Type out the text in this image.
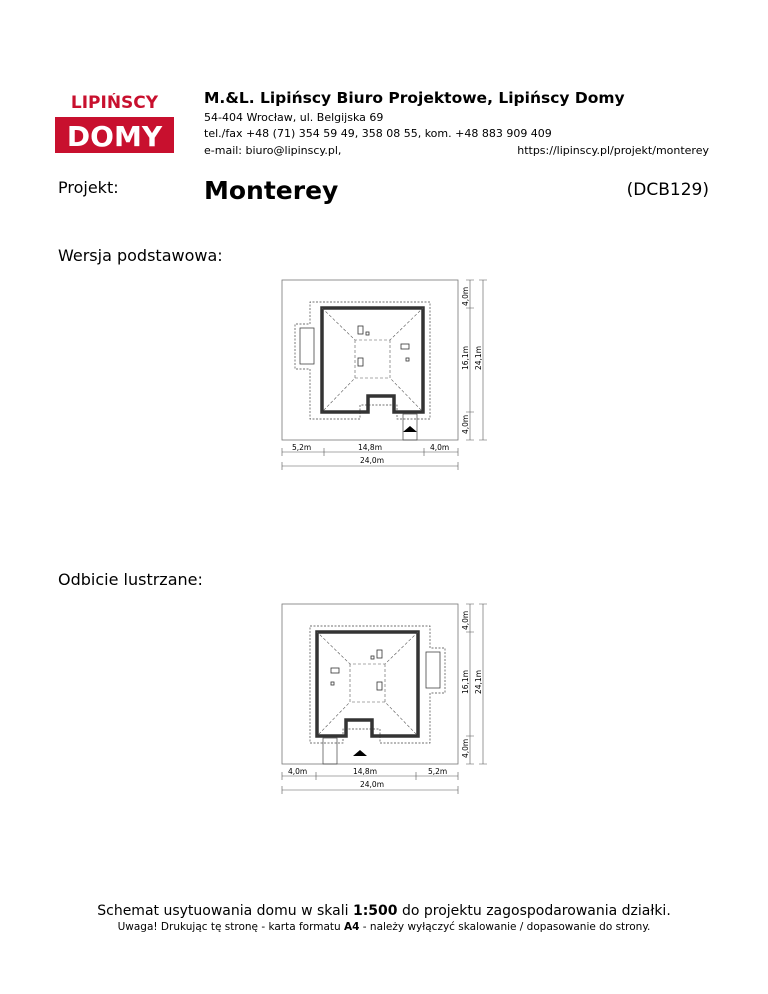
LIPIŃSCY
DOMY
M.&L. Lipińscy Biuro Projektowe, Lipińscy Domy
54-404 Wrocław, ul. Belgijska 69
tel./fax +48 (71) 354 59 49, 358 08 55, kom. +48 883 909 409
e-mail: biuro@lipinscy.pl,	https://lipinscy.pl/projekt/monterey
Projekt:	Monterey	(DCB129)
Wersja podstawowa:
5,2m	14,8m	4,0m
24,0m
4,0m
16,1m
4,0m
24,1m
Odbicie lustrzane:
4,0m	14,8m	5,2m
24,0m
4,0m
16,1m
4,0m
24,1m
Schemat usytuowania domu w skali 1:500 do projektu zagospodarowania działki.
Uwaga! Drukując tę stronę - karta formatu A4 - należy wyłączyć skalowanie / dopasowanie do strony.
